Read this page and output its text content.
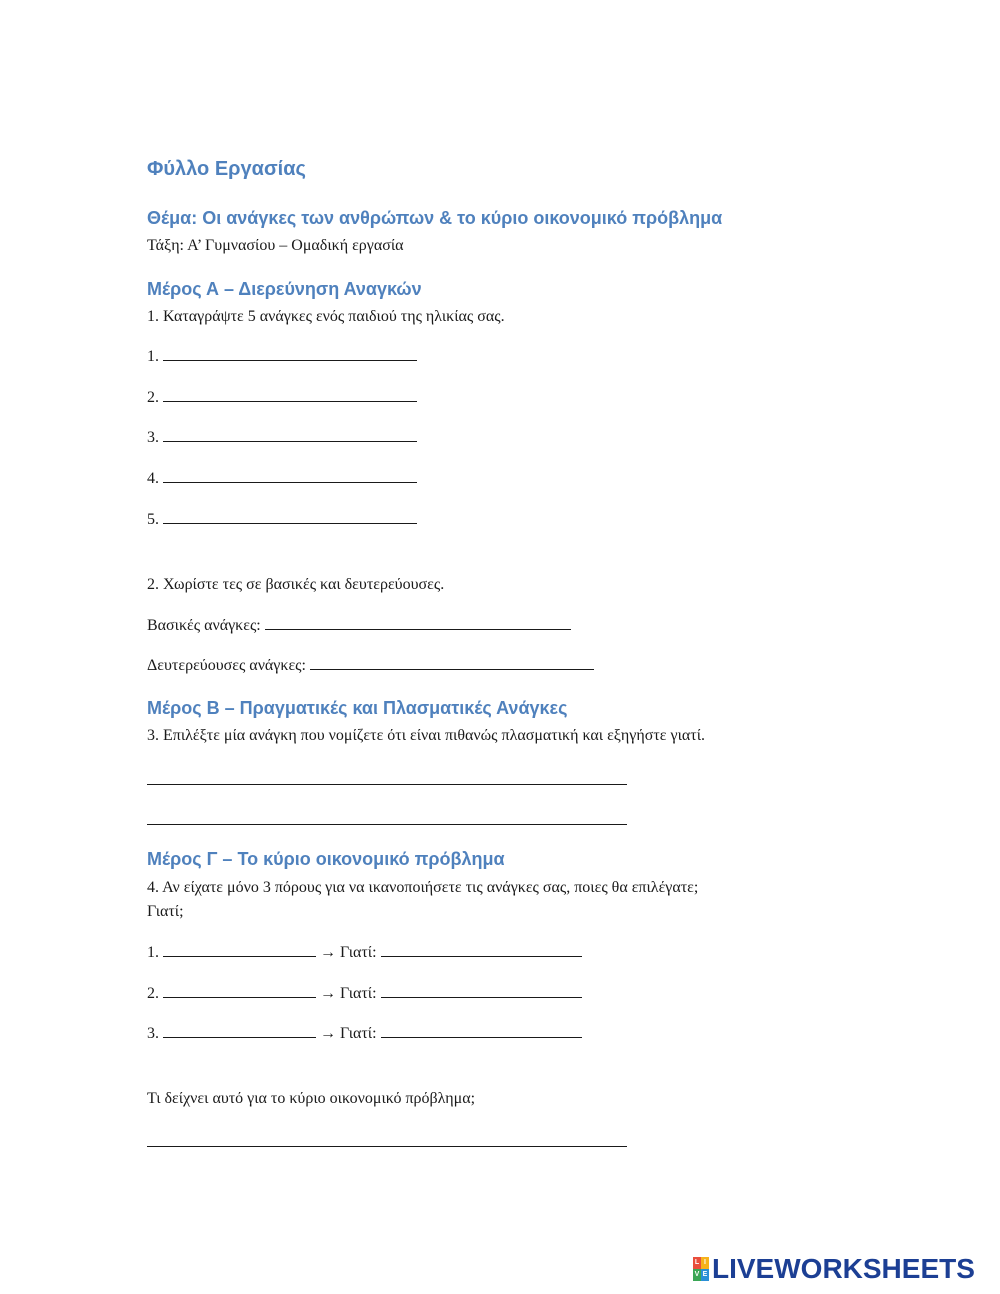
Φύλλο Εργασίας
Θέμα: Οι ανάγκες των ανθρώπων & το κύριο οικονομικό πρόβλημα
Τάξη: Α’ Γυμνασίου – Ομαδική εργασία
Μέρος Α – Διερεύνηση Αναγκών
1. Καταγράψτε 5 ανάγκες ενός παιδιού της ηλικίας σας.
1.
2.
3.
4.
5.
2. Χωρίστε τες σε βασικές και δευτερεύουσες.
Βασικές ανάγκες:
Δευτερεύουσες ανάγκες:
Μέρος Β – Πραγματικές και Πλασματικές Ανάγκες
3. Επιλέξτε μία ανάγκη που νομίζετε ότι είναι πιθανώς πλασματική και εξηγήστε γιατί.
Μέρος Γ – Το κύριο οικονομικό πρόβλημα
4. Αν είχατε μόνο 3 πόρους για να ικανοποιήσετε τις ανάγκες σας, ποιες θα επιλέγατε;
Γιατί;
1.	→ Γιατί:
2.	→ Γιατί:
3.	→ Γιατί:
Τι δείχνει αυτό για το κύριο οικονομικό πρόβλημα;
L I
V E LIVEWORKSHEETS
